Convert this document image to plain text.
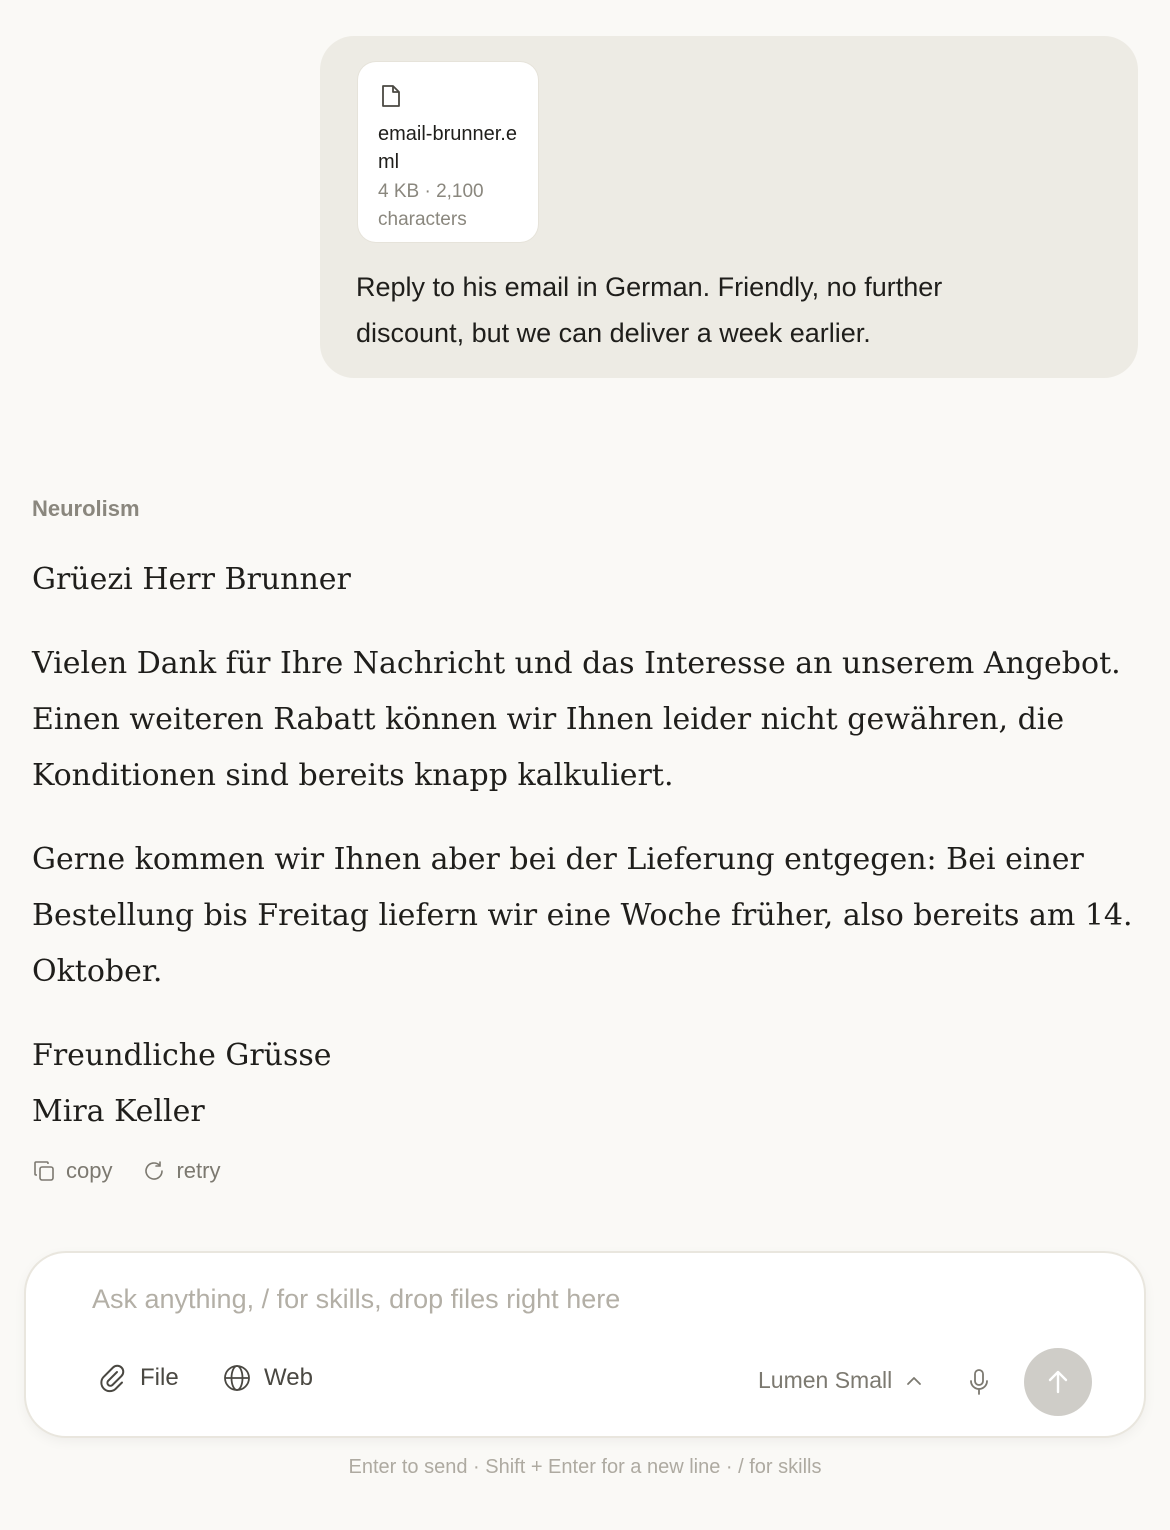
email-brunner.eml
4 KB · 2,100 characters
Reply to his email in German. Friendly, no further discount, but we can deliver a week earlier.
Neurolism

Grüezi Herr Brunner

Vielen Dank für Ihre Nachricht und das Interesse an unserem Angebot. Einen weiteren Rabatt können wir Ihnen leider nicht gewähren, die Konditionen sind bereits knapp kalkuliert.

Gerne kommen wir Ihnen aber bei der Lieferung entgegen: Bei einer Bestellung bis Freitag liefern wir eine Woche früher, also bereits am 14. Oktober.

Freundliche Grüsse

Mira Keller

copy	retry
Ask anything, / for skills, drop files right here
File	Web	Lumen Small
Enter to send · Shift + Enter for a new line · / for skills
